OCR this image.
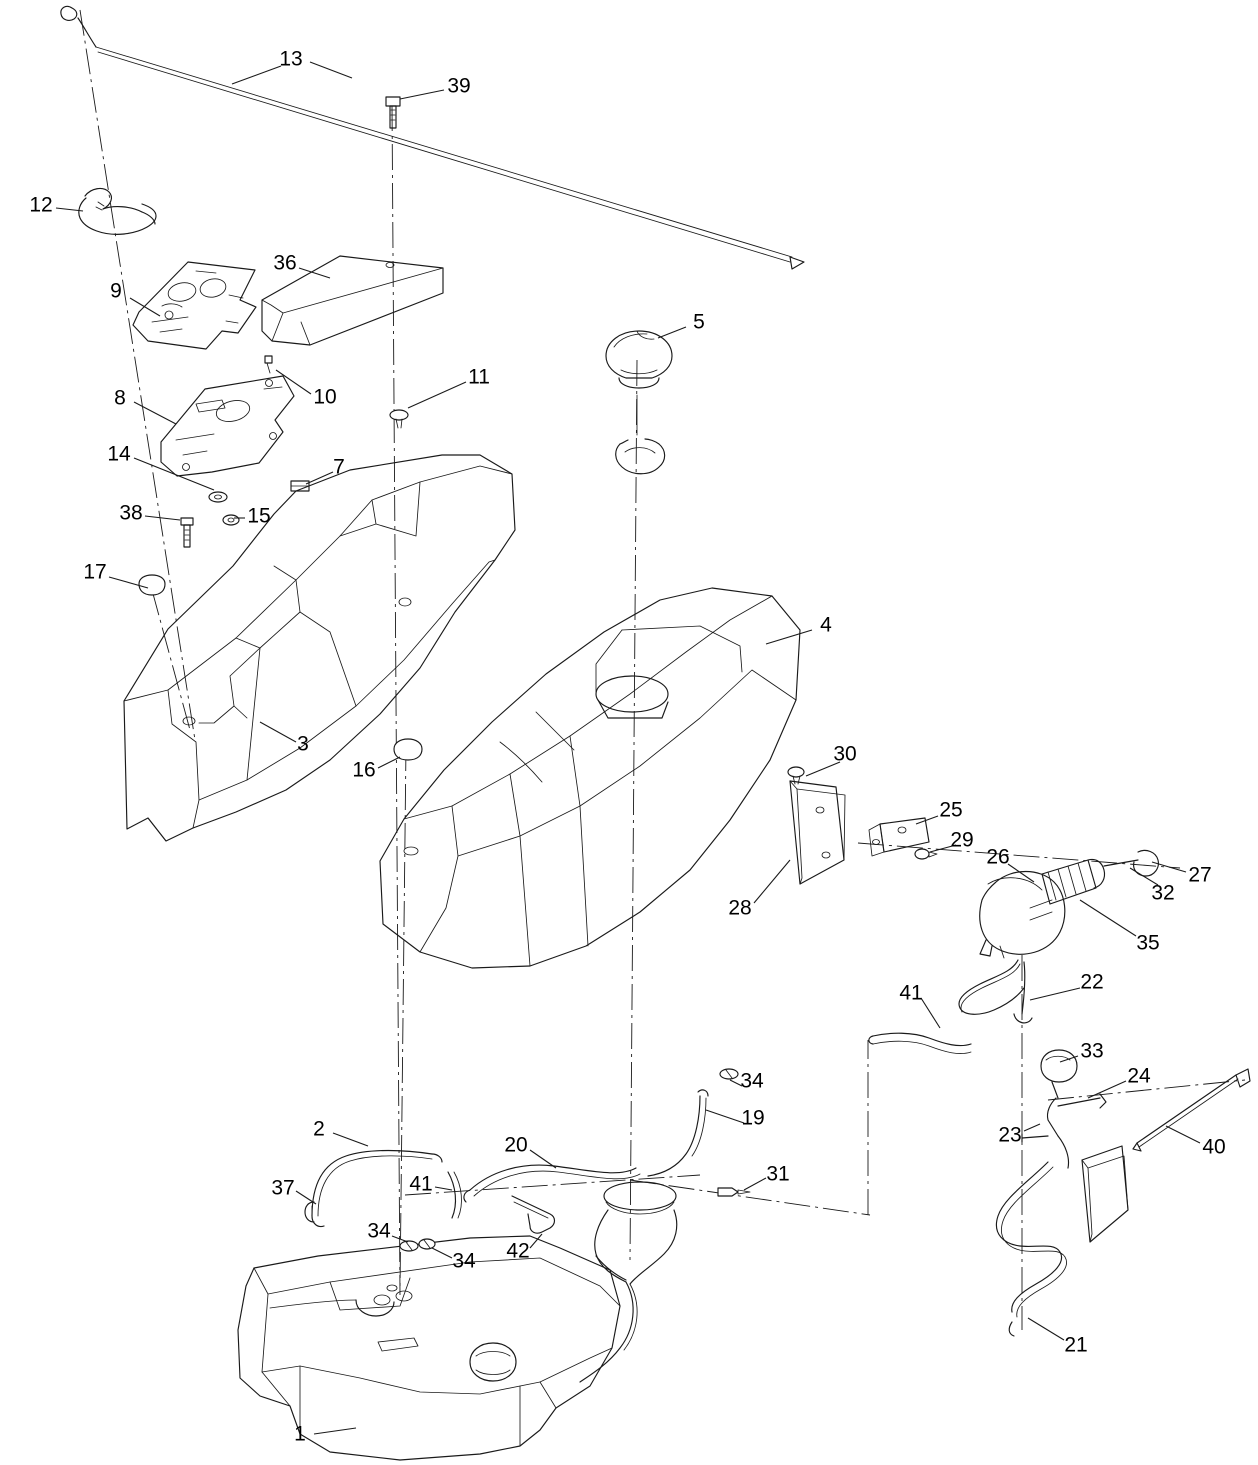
1
2
3
4
5
7
8
9
10
11
12
13
14
15
16
17
19
20
21
22
23
24
25
26
27
28
29
30
31
32
33
34
34
34
35
36
37
38
39
40
41
41
42
